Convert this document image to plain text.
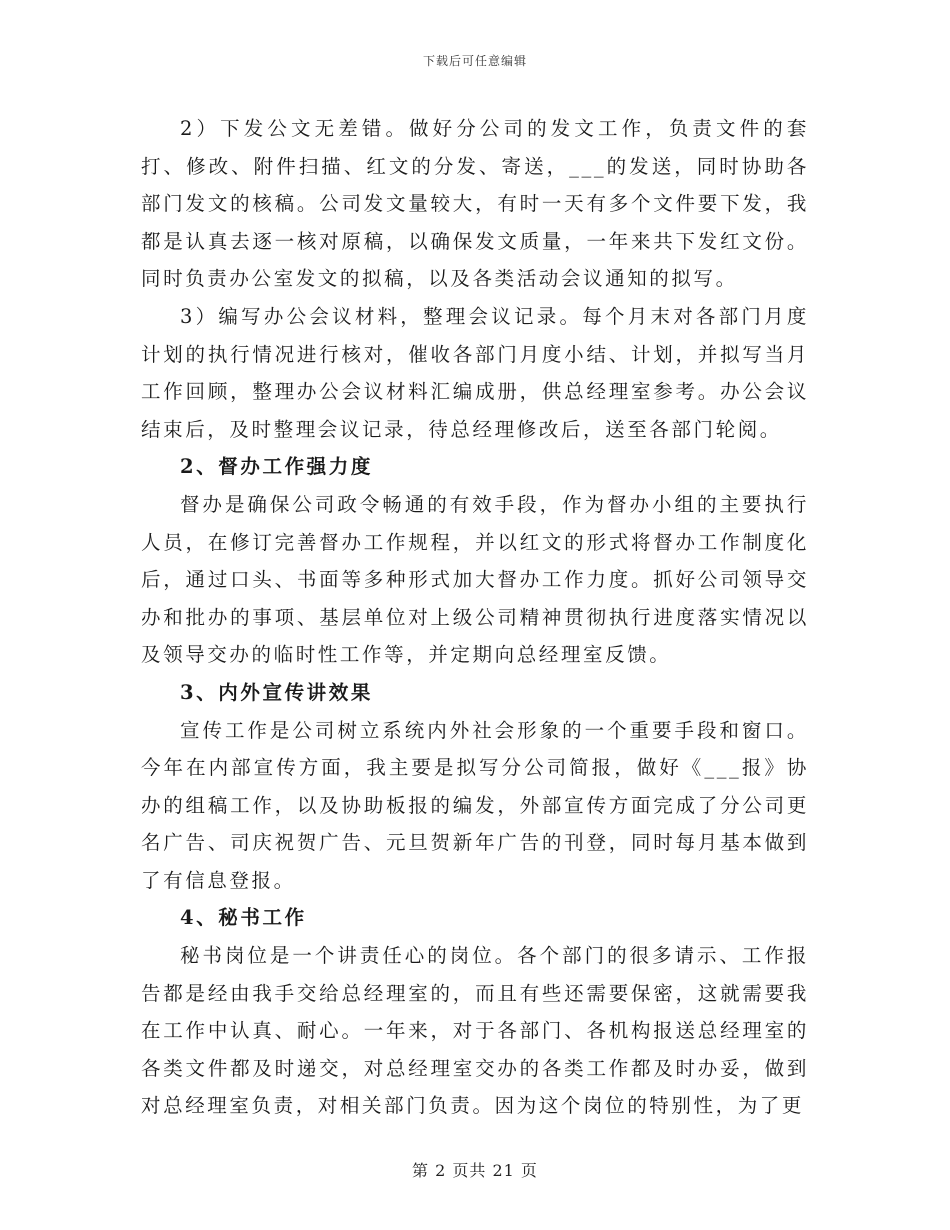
下载后可任意编辑

2）下发公文无差错。做好分公司的发文工作，负责文件的套打、修改、附件扫描、红文的分发、寄送，___的发送，同时协助各部门发文的核稿。公司发文量较大，有时一天有多个文件要下发，我都是认真去逐一核对原稿，以确保发文质量，一年来共下发红文份。同时负责办公室发文的拟稿，以及各类活动会议通知的拟写。

3）编写办公会议材料，整理会议记录。每个月末对各部门月度计划的执行情况进行核对，催收各部门月度小结、计划，并拟写当月工作回顾，整理办公会议材料汇编成册，供总经理室参考。办公会议结束后，及时整理会议记录，待总经理修改后，送至各部门轮阅。

2、督办工作强力度

督办是确保公司政令畅通的有效手段，作为督办小组的主要执行人员，在修订完善督办工作规程，并以红文的形式将督办工作制度化后，通过口头、书面等多种形式加大督办工作力度。抓好公司领导交办和批办的事项、基层单位对上级公司精神贯彻执行进度落实情况以及领导交办的临时性工作等，并定期向总经理室反馈。

3、内外宣传讲效果

宣传工作是公司树立系统内外社会形象的一个重要手段和窗口。今年在内部宣传方面，我主要是拟写分公司简报，做好《___报》协办的组稿工作，以及协助板报的编发，外部宣传方面完成了分公司更名广告、司庆祝贺广告、元旦贺新年广告的刊登，同时每月基本做到了有信息登报。

4、秘书工作

秘书岗位是一个讲责任心的岗位。各个部门的很多请示、工作报告都是经由我手交给总经理室的，而且有些还需要保密，这就需要我在工作中认真、耐心。一年来，对于各部门、各机构报送总经理室的各类文件都及时递交，对总经理室交办的各类工作都及时办妥，做到对总经理室负责，对相关部门负责。因为这个岗位的特别性，为了更

第 2 页共 21 页
